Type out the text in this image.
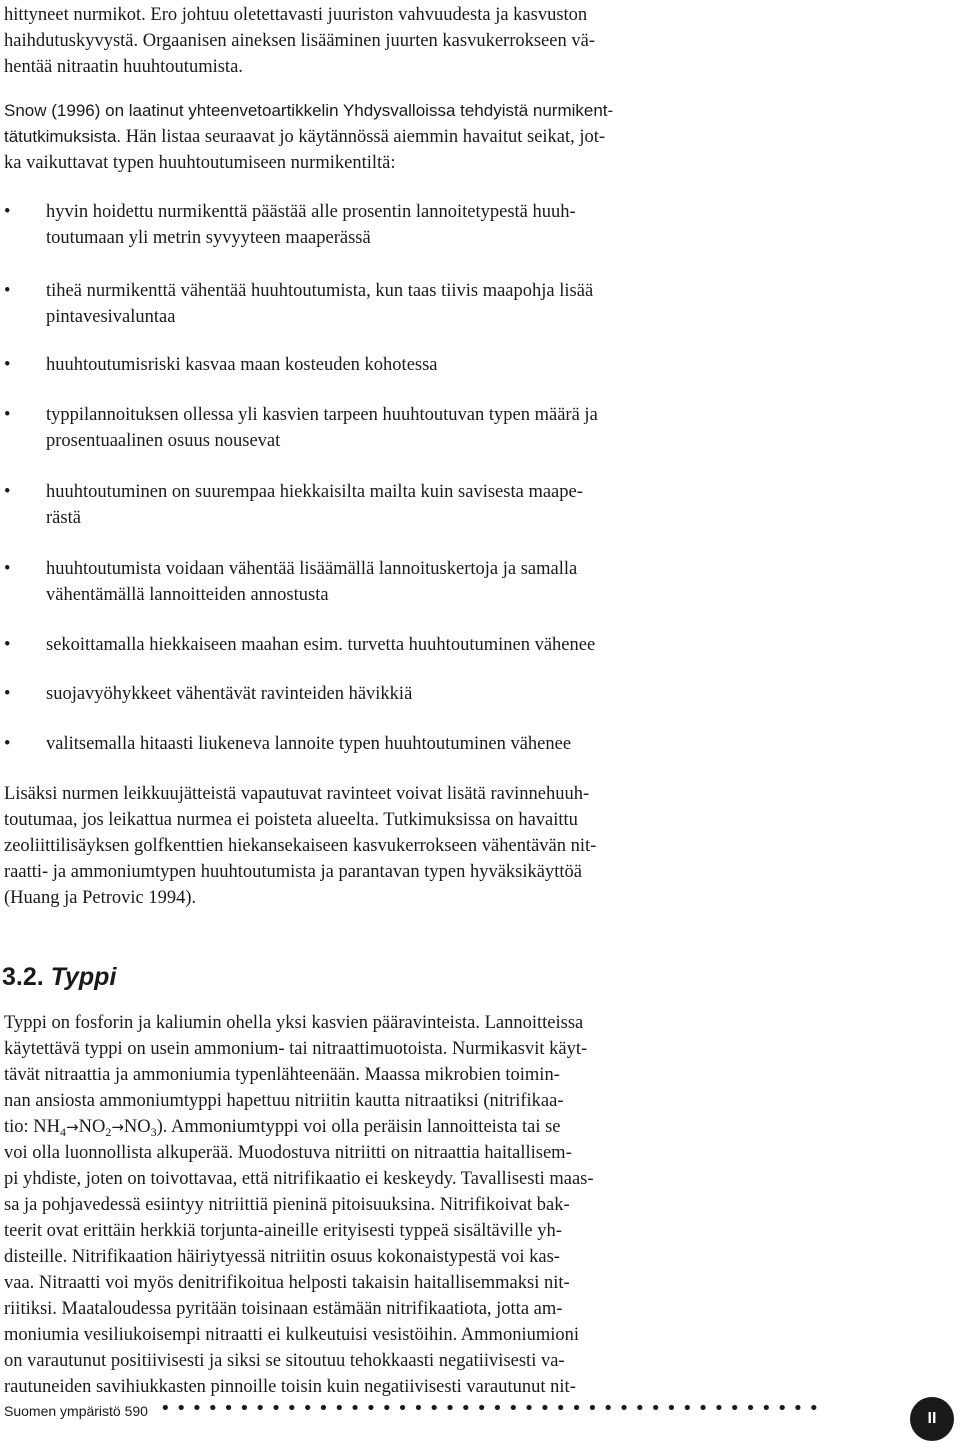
hittyneet nurmikot. Ero johtuu oletettavasti juuriston vahvuudesta ja kasvuston
haihdutuskyvystä. Orgaanisen aineksen lisääminen juurten kasvukerrokseen vä-
hentää nitraatin huuhtoutumista.
Snow (1996) on laatinut yhteenvetoartikkelin Yhdysvalloissa tehdyistä nurmikent-
tätutkimuksista. Hän listaa seuraavat jo käytännössä aiemmin havaitut seikat, jot-
ka vaikuttavat typen huuhtoutumiseen nurmikentiltä:
•	hyvin hoidettu nurmikenttä päästää alle prosentin lannoitetypestä huuh-
toutumaan yli metrin syvyyteen maaperässä
•	tiheä nurmikenttä vähentää huuhtoutumista, kun taas tiivis maapohja lisää
pintavesivaluntaa
•	huuhtoutumisriski kasvaa maan kosteuden kohotessa
•	typpilannoituksen ollessa yli kasvien tarpeen huuhtoutuvan typen määrä ja
prosentuaalinen osuus nousevat
•	huuhtoutuminen on suurempaa hiekkaisilta mailta kuin savisesta maape-
rästä
•	huuhtoutumista voidaan vähentää lisäämällä lannoituskertoja ja samalla
vähentämällä lannoitteiden annostusta
•	sekoittamalla hiekkaiseen maahan esim. turvetta huuhtoutuminen vähenee
•	suojavyöhykkeet vähentävät ravinteiden hävikkiä
•	valitsemalla hitaasti liukeneva lannoite typen huuhtoutuminen vähenee
Lisäksi nurmen leikkuujätteistä vapautuvat ravinteet voivat lisätä ravinnehuuh-
toutumaa, jos leikattua nurmea ei poisteta alueelta. Tutkimuksissa on havaittu
zeoliittilisäyksen golfkenttien hiekansekaiseen kasvukerrokseen vähentävän nit-
raatti- ja ammoniumtypen huuhtoutumista ja parantavan typen hyväksikäyttöä
(Huang ja Petrovic 1994).
3.2. Typpi
Typpi on fosforin ja kaliumin ohella yksi kasvien pääravinteista. Lannoitteissa
käytettävä typpi on usein ammonium- tai nitraattimuotoista. Nurmikasvit käyt-
tävät nitraattia ja ammoniumia typenlähteenään. Maassa mikrobien toimin-
nan ansiosta ammoniumtyppi hapettuu nitriitin kautta nitraatiksi (nitrifikaa-
tio: $NH_4\to NO_2\to NO_3$). Ammoniumtyppi voi olla peräisin lannoitteista tai se
voi olla luonnollista alkuperää. Muodostuva nitriitti on nitraattia haitallisem-
pi yhdiste, joten on toivottavaa, että nitrifikaatio ei keskeydy. Tavallisesti maas-
sa ja pohjavedessä esiintyy nitriittiä pieninä pitoisuuksina. Nitrifikoivat bak-
teerit ovat erittäin herkkiä torjunta-aineille erityisesti typpeä sisältäville yh-
disteille. Nitrifikaation häiriytyessä nitriitin osuus kokonaistypestä voi kas-
vaa. Nitraatti voi myös denitrifikoitua helposti takaisin haitallisemmaksi nit-
riitiksi. Maataloudessa pyritään toisinaan estämään nitrifikaatiota, jotta am-
moniumia vesiliukoisempi nitraatti ei kulkeutuisi vesistöihin. Ammoniumioni
on varautunut positiivisesti ja siksi se sitoutuu tehokkaasti negatiivisesti va-
rautuneiden savihiukkasten pinnoille toisin kuin negatiivisesti varautunut nit-
Suomen ympäristö 590 ••••••••••••••••••••••••••••••••••••••••••	II
